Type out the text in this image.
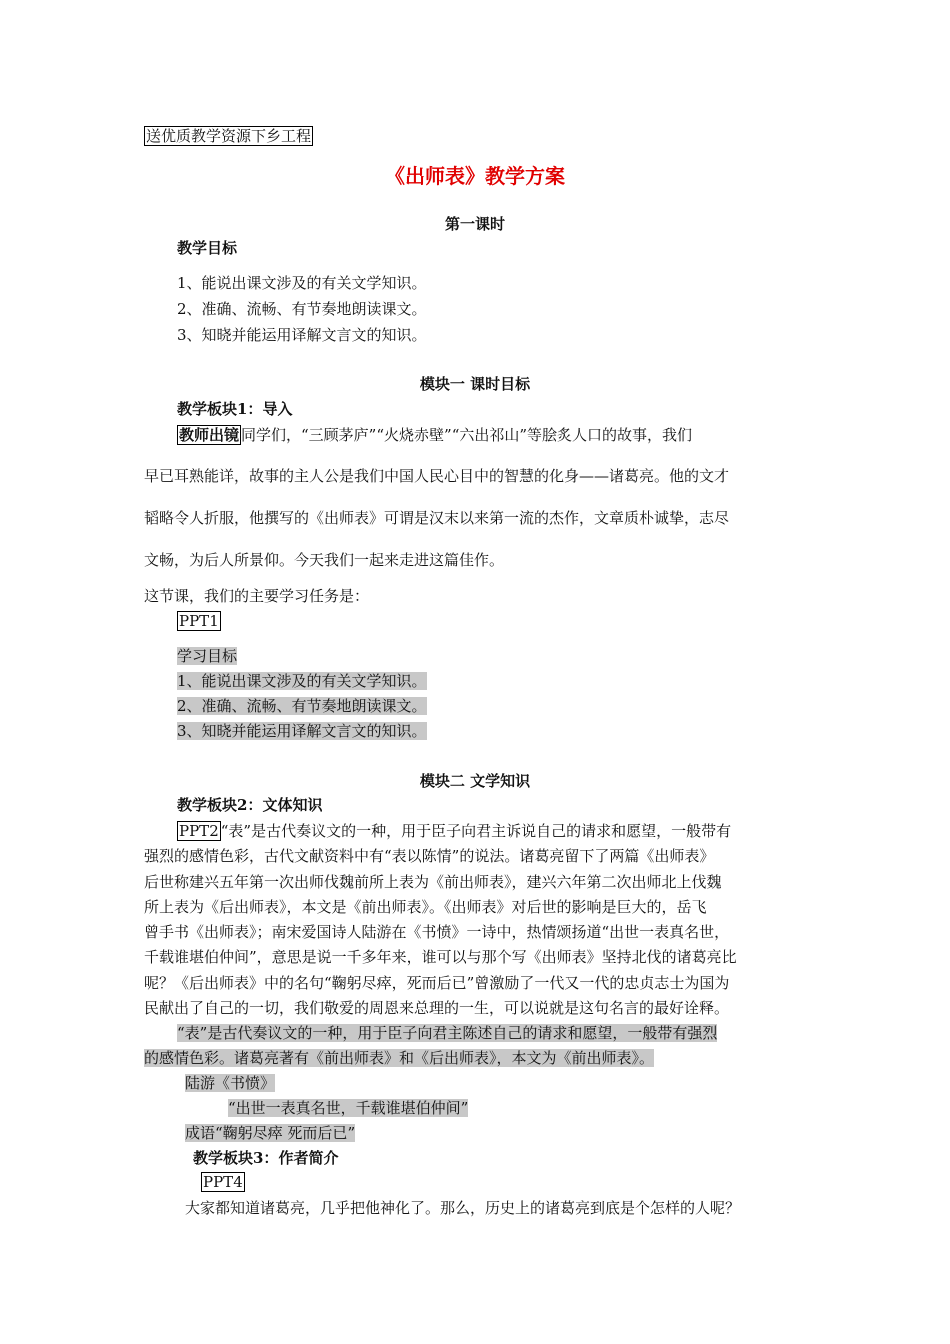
送优质教学资源下乡工程
《出师表》教学方案
第一课时
教学目标
1、能说出课文涉及的有关文学知识。
2、准确、流畅、有节奏地朗读课文。
3、知晓并能运用译解文言文的知识。
模块一 课时目标
教学板块1：导入
教师出镜 同学们，“三顾茅庐”“火烧赤壁”“六出祁山”等脍炙人口的故事，我们
早已耳熟能详，故事的主人公是我们中国人民心目中的智慧的化身——诸葛亮。他的文才
韬略令人折服，他撰写的《出师表》可谓是汉末以来第一流的杰作，文章质朴诚挚，志尽
文畅，为后人所景仰。今天我们一起来走进这篇佳作。
这节课，我们的主要学习任务是：
PPT1
学习目标
1、能说出课文涉及的有关文学知识。
2、准确、流畅、有节奏地朗读课文。
3、知晓并能运用译解文言文的知识。
模块二 文学知识
教学板块2：文体知识
PPT2 “表”是古代奏议文的一种，用于臣子向君主诉说自己的请求和愿望，一般带有
强烈的感情色彩，古代文献资料中有“表以陈情”的说法。诸葛亮留下了两篇《出师表》
后世称建兴五年第一次出师伐魏前所上表为《前出师表》，建兴六年第二次出师北上伐魏
所上表为《后出师表》，本文是《前出师表》。《出师表》对后世的影响是巨大的，岳飞
曾手书《出师表》；南宋爱国诗人陆游在《书愤》一诗中，热情颂扬道“出世一表真名世，
千载谁堪伯仲间”，意思是说一千多年来，谁可以与那个写《出师表》坚持北伐的诸葛亮比
呢？《后出师表》中的名句“鞠躬尽瘁，死而后已”曾激励了一代又一代的忠贞志士为国为
民献出了自己的一切，我们敬爱的周恩来总理的一生，可以说就是这句名言的最好诠释。
“表”是古代奏议文的一种，用于臣子向君主陈述自己的请求和愿望，一般带有强烈
的感情色彩。诸葛亮著有《前出师表》和《后出师表》，本文为《前出师表》。
陆游《书愤》
“出世一表真名世，千载谁堪伯仲间”
成语“鞠躬尽瘁 死而后已”
教学板块3：作者简介
PPT4
大家都知道诸葛亮，几乎把他神化了。那么，历史上的诸葛亮到底是个怎样的人呢？
